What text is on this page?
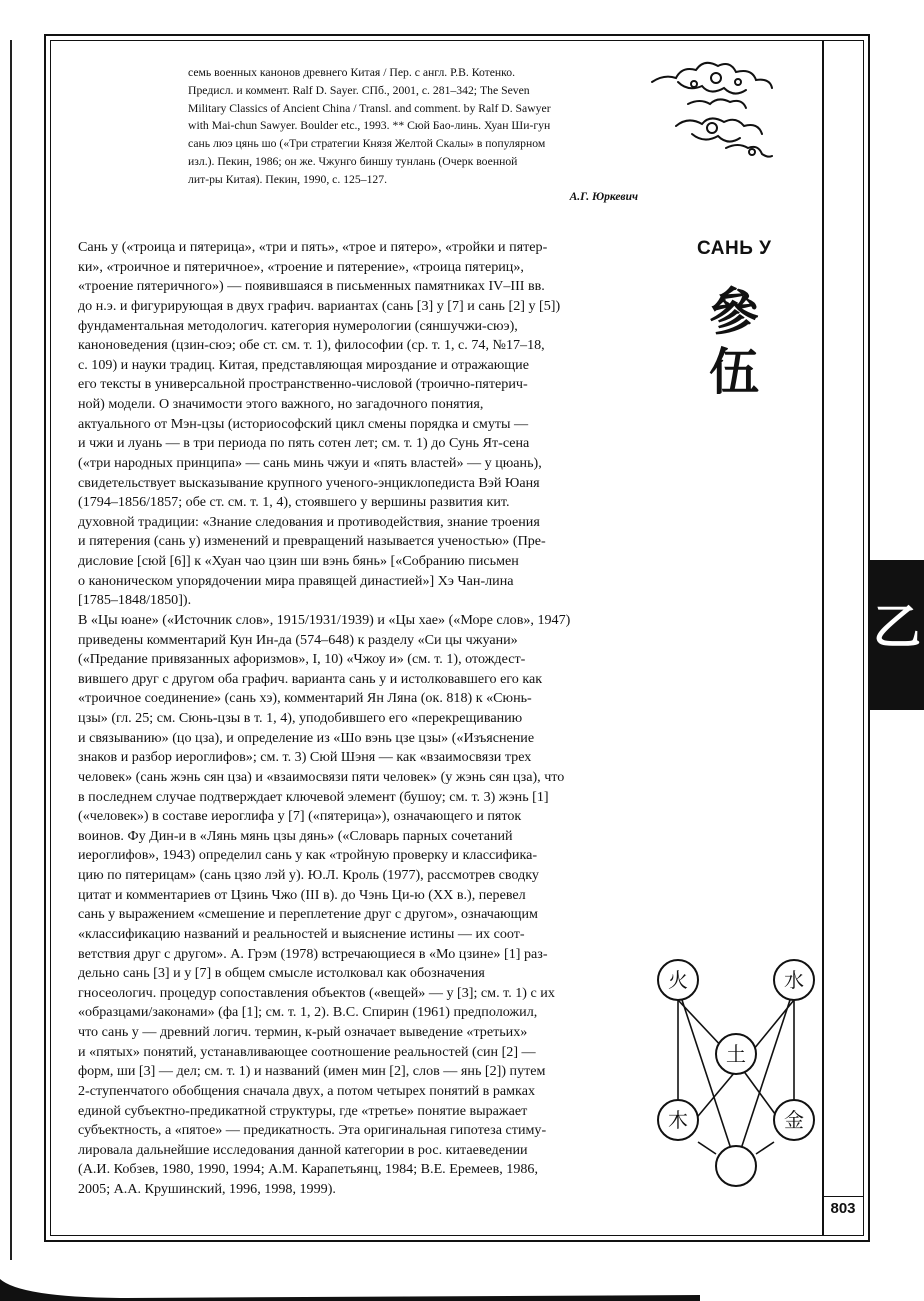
семь военных канонов древнего Китая / Пер. с англ. Р.В. Котенко.

Предисл. и коммент. Ralf D. Sayer. СПб., 2001, с. 281–342; The Seven

Military Classics of Ancient China / Transl. and comment. by Ralf D. Sawyer

with Mai-chun Sawyer. Boulder etc., 1993. ** Сюй Бао-линь. Хуан Ши-гун

сань люэ цянь шо («Три стратегии Князя Желтой Скалы» в популярном

изл.). Пекин, 1986; он же. Чжунго биншу тунлань (Очерк военной

лит-ры Китая). Пекин, 1990, с. 125–127.

А.Г. Юркевич

САНЬ У
參
伍

Сань у («троица и пятерица», «три и пять», «трое и пятеро», «тройки и пятер-

ки», «троичное и пятеричное», «троение и пятерение», «троица пятериц»,

«троение пятеричного») — появившаяся в письменных памятниках IV–III вв.

до н.э. и фигурирующая в двух графич. вариантах (сань [3] у [7] и сань [2] у [5])

фундаментальная методологич. категория нумерологии (сяншучжи-сюэ),

каноноведения (цзин-сюэ; обе ст. см. т. 1), философии (ср. т. 1, с. 74, №17–18,

с. 109) и науки традиц. Китая, представляющая мироздание и отражающие

его тексты в универсальной пространственно-числовой (троично-пятерич-

ной) модели. О значимости этого важного, но загадочного понятия,

актуального от Мэн-цзы (историософский цикл смены порядка и смуты —

и чжи и луань — в три периода по пять сотен лет; см. т. 1) до Сунь Ят-сена

(«три народных принципа» — сань минь чжуи и «пять властей» — у цюань),

свидетельствует высказывание крупного ученого-энциклопедиста Вэй Юаня

(1794–1856/1857; обе ст. см. т. 1, 4), стоявшего у вершины развития кит.

духовной традиции: «Знание следования и противодействия, знание троения

и пятерения (сань у) изменений и превращений называется ученостью» (Пре-

дисловие [сюй [6]] к «Хуан чао цзин ши вэнь бянь» [«Собранию письмен

о каноническом упорядочении мира правящей династией»] Хэ Чан-лина

[1785–1848/1850]).

В «Цы юане» («Источник слов», 1915/1931/1939) и «Цы хае» («Море слов», 1947)

приведены комментарий Кун Ин-да (574–648) к разделу «Си цы чжуани»

(«Предание привязанных афоризмов», I, 10) «Чжоу и» (см. т. 1), отождест-

вившего друг с другом оба графич. варианта сань у и истолковавшего его как

«троичное соединение» (сань хэ), комментарий Ян Ляна (ок. 818) к «Сюнь-

цзы» (гл. 25; см. Сюнь-цзы в т. 1, 4), уподобившего его «перекрещиванию

и связыванию» (цо цза), и определение из «Шо вэнь цзе цзы» («Изъяснение

знаков и разбор иероглифов»; см. т. 3) Сюй Шэня — как «взаимосвязи трех

человек» (сань жэнь сян цза) и «взаимосвязи пяти человек» (у жэнь сян цза), что

в последнем случае подтверждает ключевой элемент (бушоу; см. т. 3) жэнь [1]

(«человек») в составе иероглифа у [7] («пятерица»), означающего и пяток

воинов. Фу Дин-и в «Лянь мянь цзы дянь» («Словарь парных сочетаний

иероглифов», 1943) определил сань у как «тройную проверку и классифика-

цию по пятерицам» (сань цзяо лэй у). Ю.Л. Кроль (1977), рассмотрев сводку

цитат и комментариев от Цзинь Чжо (III в). до Чэнь Ци-ю (XX в.), перевел

сань у выражением «смешение и переплетение друг с другом», означающим

«классификацию названий и реальностей и выяснение истины — их соот-

ветствия друг с другом». А. Грэм (1978) встречающиеся в «Мо цзине» [1] раз-

дельно сань [3] и у [7] в общем смысле истолковал как обозначения

гносеологич. процедур сопоставления объектов («вещей» — у [3]; см. т. 1) с их

«образцами/законами» (фа [1]; см. т. 1, 2). В.С. Спирин (1961) предположил,

что сань у — древний логич. термин, к-рый означает выведение «третьих»

и «пятых» понятий, устанавливающее соотношение реальностей (син [2] —

форм, ши [3] — дел; см. т. 1) и названий (имен мин [2], слов — янь [2]) путем

2-ступенчатого обобщения сначала двух, а потом четырех понятий в рамках

единой субъектно-предикатной структуры, где «третье» понятие выражает

субъектность, а «пятое» — предикатность. Эта оригинальная гипотеза стиму-

лировала дальнейшие исследования данной категории в рос. китаеведении

(А.И. Кобзев, 1980, 1990, 1994; А.М. Карапетьянц, 1984; В.Е. Еремеев, 1986,

2005; А.А. Крушинский, 1996, 1998, 1999).

乙
火	水
土
木	金
803
